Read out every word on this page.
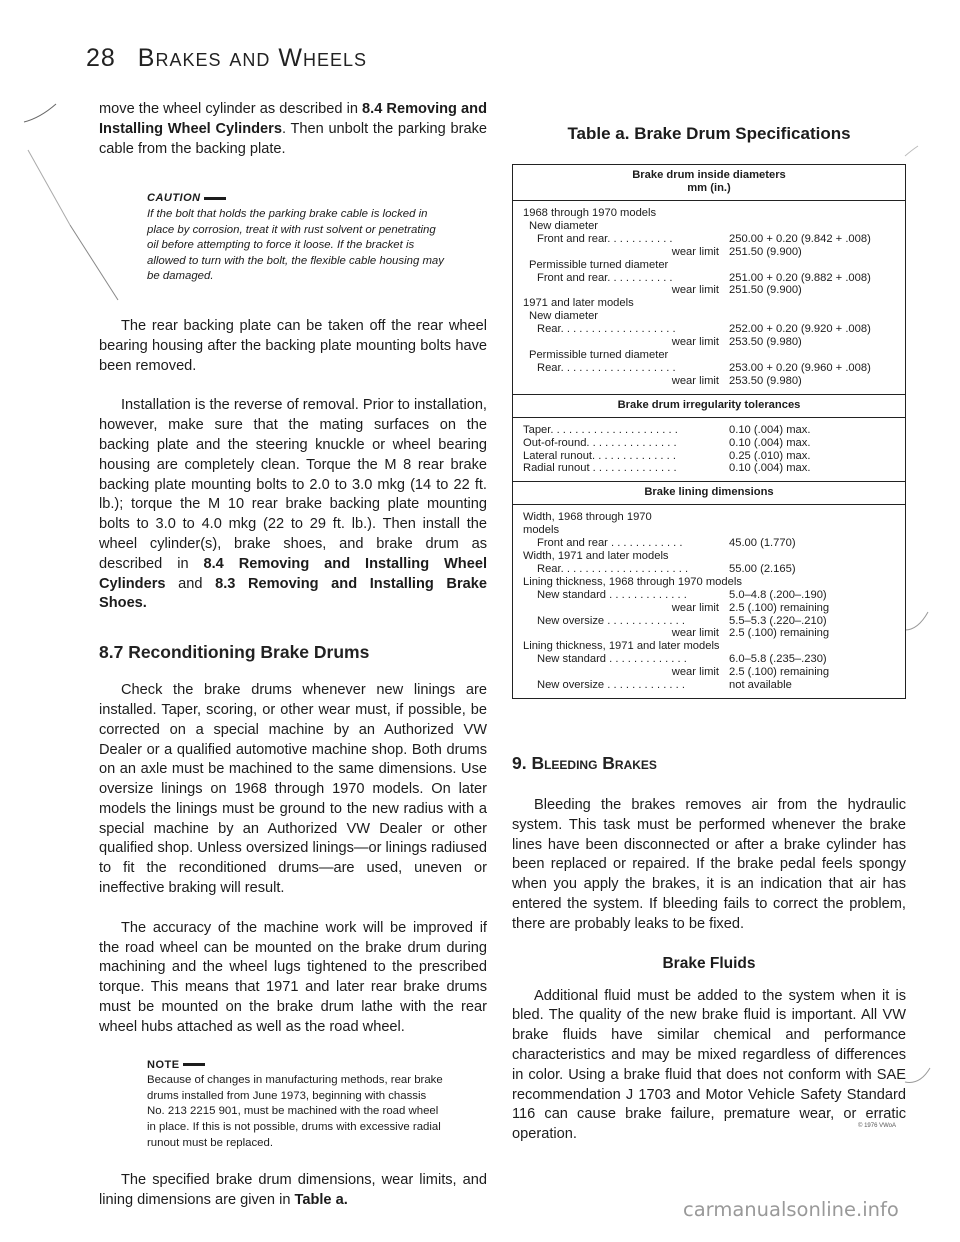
28 Brakes and Wheels

move the wheel cylinder as described in 8.4 Removing and Installing Wheel Cylinders. Then unbolt the parking brake cable from the backing plate.

CAUTION
If the bolt that holds the parking brake cable is locked in place by corrosion, treat it with rust solvent or penetrating oil before attempting to force it loose. If the bracket is allowed to turn with the bolt, the flexible cable housing may be damaged.

The rear backing plate can be taken off the rear wheel bearing housing after the backing plate mounting bolts have been removed.

Installation is the reverse of removal. Prior to installation, however, make sure that the mating surfaces on the backing plate and the steering knuckle or wheel bearing housing are completely clean. Torque the M 8 rear brake backing plate mounting bolts to 2.0 to 3.0 mkg (14 to 22 ft. lb.); torque the M 10 rear brake backing plate mounting bolts to 3.0 to 4.0 mkg (22 to 29 ft. lb.). Then install the wheel cylinder(s), brake shoes, and brake drum as described in 8.4 Removing and Installing Wheel Cylinders and 8.3 Removing and Installing Brake Shoes.

8.7 Reconditioning Brake Drums

Check the brake drums whenever new linings are installed. Taper, scoring, or other wear must, if possible, be corrected on a special machine by an Authorized VW Dealer or a qualified automotive machine shop. Both drums on an axle must be machined to the same dimensions. Use oversize linings on 1968 through 1970 models. On later models the linings must be ground to the new radius with a special machine by an Authorized VW Dealer or other qualified shop. Unless oversized linings—or linings radiused to fit the reconditioned drums—are used, uneven or ineffective braking will result.

The accuracy of the machine work will be improved if the road wheel can be mounted on the brake drum during machining and the wheel lugs tightened to the prescribed torque. This means that 1971 and later rear brake drums must be mounted on the brake drum lathe with the rear wheel hubs attached as well as the road wheel.

NOTE
Because of changes in manufacturing methods, rear brake drums installed from June 1973, beginning with chassis No. 213 2215 901, must be machined with the road wheel in place. If this is not possible, drums with excessive radial runout must be replaced.

The specified brake drum dimensions, wear limits, and lining dimensions are given in Table a.

Table a. Brake Drum Specifications
Brake drum inside diameters
mm (in.)	

1968 through 1970 models	
New diameter	
Front and rear. . . . . . . . . . .	250.00 + 0.20 (9.842 + .008)

wear limit	251.50 (9.900)
Permissible turned diameter	
Front and rear. . . . . . . . . . .	251.00 + 0.20 (9.882 + .008)

wear limit	251.50 (9.900)
1971 and later models	
New diameter	
Rear. . . . . . . . . . . . . . . . . . .	252.00 + 0.20 (9.920 + .008)

wear limit	253.50 (9.980)
Permissible turned diameter	
Rear. . . . . . . . . . . . . . . . . . .	253.00 + 0.20 (9.960 + .008)

wear limit	253.50 (9.980)

Brake drum irregularity tolerances	

Taper. . . . . . . . . . . . . . . . . . . . .	0.10 (.004) max.
Out-of-round. . . . . . . . . . . . . . .	0.10 (.004) max.
Lateral runout. . . . . . . . . . . . . .	0.25 (.010) max.
Radial runout . . . . . . . . . . . . . .	0.10 (.004) max.

Brake lining dimensions	

Width, 1968 through 1970	
models	
Front and rear . . . . . . . . . . . .	45.00 (1.770)
Width, 1971 and later models	
Rear. . . . . . . . . . . . . . . . . . . . .	55.00 (2.165)
Lining thickness, 1968 through 1970 models	
New standard . . . . . . . . . . . . .	5.0–4.8 (.200–.190)

wear limit	2.5 (.100) remaining
New oversize . . . . . . . . . . . . .	5.5–5.3 (.220–.210)

wear limit	2.5 (.100) remaining
Lining thickness, 1971 and later models	
New standard . . . . . . . . . . . . .	6.0–5.8 (.235–.230)

wear limit	2.5 (.100) remaining
New oversize . . . . . . . . . . . . .	not available

9. Bleeding Brakes

Bleeding the brakes removes air from the hydraulic system. This task must be performed whenever the brake lines have been disconnected or after a brake cylinder has been replaced or repaired. If the brake pedal feels spongy when you apply the brakes, it is an indication that air has entered the system. If bleeding fails to correct the problem, there are probably leaks to be fixed.

Brake Fluids

Additional fluid must be added to the system when it is bled. The quality of the new brake fluid is important. All VW brake fluids have similar chemical and performance characteristics and may be mixed regardless of differences in color. Using a brake fluid that does not conform with SAE recommendation J 1703 and Motor Vehicle Safety Standard 116 can cause brake failure, premature wear, or erratic operation.

© 1976 VWoA
carmanualsonline.info
